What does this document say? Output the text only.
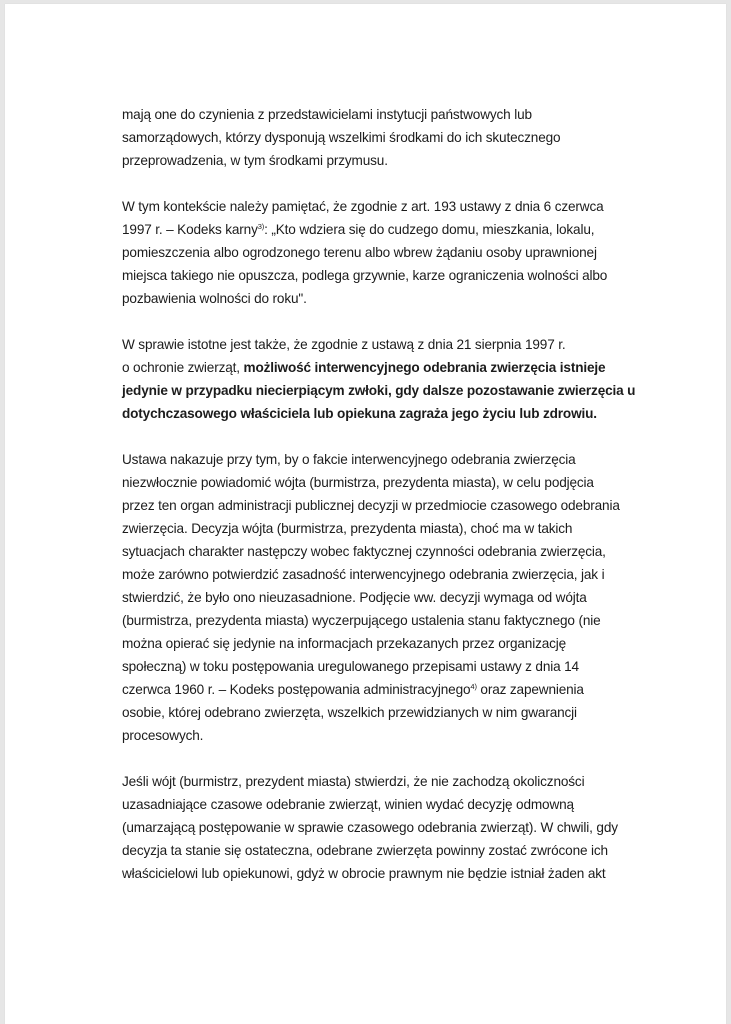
mają one do czynienia z przedstawicielami instytucji państwowych lub
samorządowych, którzy dysponują wszelkimi środkami do ich skutecznego
przeprowadzenia, w tym środkami przymusu.

W tym kontekście należy pamiętać, że zgodnie z art. 193 ustawy z dnia 6 czerwca
1997 r. – Kodeks karny$^{3)}$: „Kto wdziera się do cudzego domu, mieszkania, lokalu,
pomieszczenia albo ogrodzonego terenu albo wbrew żądaniu osoby uprawnionej
miejsca takiego nie opuszcza, podlega grzywnie, karze ograniczenia wolności albo
pozbawienia wolności do roku".

W sprawie istotne jest także, że zgodnie z ustawą z dnia 21 sierpnia 1997 r.
o ochronie zwierząt, możliwość interwencyjnego odebrania zwierzęcia istnieje
jedynie w przypadku niecierpiącym zwłoki, gdy dalsze pozostawanie zwierzęcia u
dotychczasowego właściciela lub opiekuna zagraża jego życiu lub zdrowiu.

Ustawa nakazuje przy tym, by o fakcie interwencyjnego odebrania zwierzęcia
niezwłocznie powiadomić wójta (burmistrza, prezydenta miasta), w celu podjęcia
przez ten organ administracji publicznej decyzji w przedmiocie czasowego odebrania
zwierzęcia. Decyzja wójta (burmistrza, prezydenta miasta), choć ma w takich
sytuacjach charakter następczy wobec faktycznej czynności odebrania zwierzęcia,
może zarówno potwierdzić zasadność interwencyjnego odebrania zwierzęcia, jak i
stwierdzić, że było ono nieuzasadnione. Podjęcie ww. decyzji wymaga od wójta
(burmistrza, prezydenta miasta) wyczerpującego ustalenia stanu faktycznego (nie
można opierać się jedynie na informacjach przekazanych przez organizację
społeczną) w toku postępowania uregulowanego przepisami ustawy z dnia 14
czerwca 1960 r. – Kodeks postępowania administracyjnego$^{4)}$ oraz zapewnienia
osobie, której odebrano zwierzęta, wszelkich przewidzianych w nim gwarancji
procesowych.

Jeśli wójt (burmistrz, prezydent miasta) stwierdzi, że nie zachodzą okoliczności
uzasadniające czasowe odebranie zwierząt, winien wydać decyzję odmowną
(umarzającą postępowanie w sprawie czasowego odebrania zwierząt). W chwili, gdy
decyzja ta stanie się ostateczna, odebrane zwierzęta powinny zostać zwrócone ich
właścicielowi lub opiekunowi, gdyż w obrocie prawnym nie będzie istniał żaden akt
